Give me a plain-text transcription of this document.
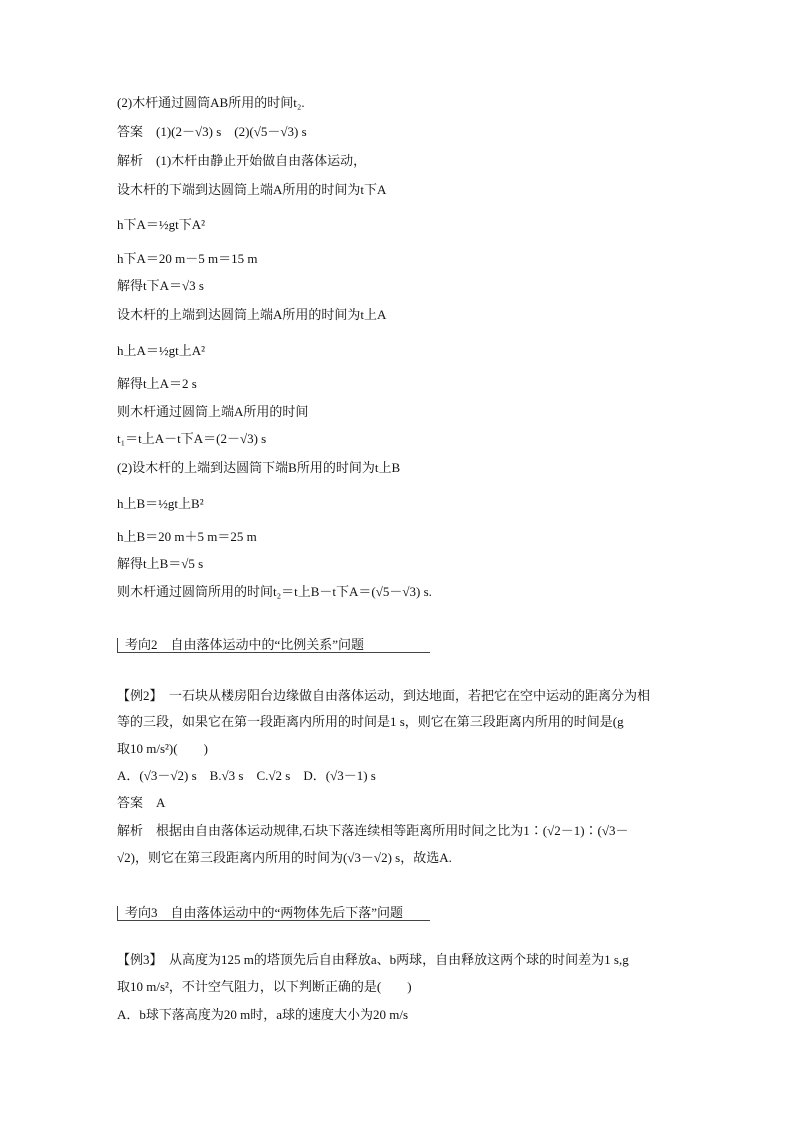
(2)木杆通过圆筒AB所用的时间t₂.
答案　(1)(2－√3) s　(2)(√5－√3) s
解析　(1)木杆由静止开始做自由落体运动，
设木杆的下端到达圆筒上端A所用的时间为t下A
h下A＝½gt下A²
h下A＝20 m－5 m＝15 m
解得t下A＝√3 s
设木杆的上端到达圆筒上端A所用的时间为t上A
h上A＝½gt上A²
解得t上A＝2 s
则木杆通过圆筒上端A所用的时间
t₁＝t上A－t下A＝(2－√3) s
(2)设木杆的上端到达圆筒下端B所用的时间为t上B
h上B＝½gt上B²
h上B＝20 m＋5 m＝25 m
解得t上B＝√5 s
则木杆通过圆筒所用的时间t₂＝t上B－t下A＝(√5－√3) s.
考向2　自由落体运动中的“比例关系”问题
【例2】　一石块从楼房阳台边缘做自由落体运动，到达地面，若把它在空中运动的距离分为相
等的三段，如果它在第一段距离内所用的时间是1 s，则它在第三段距离内所用的时间是(g
取10 m/s²)(　　)
A．(√3－√2) s　B.√3 s　C.√2 s　D．(√3－1) s
答案　A
解析　根据由自由落体运动规律,石块下落连续相等距离所用时间之比为1∶(√2－1)∶(√3－
√2)，则它在第三段距离内所用的时间为(√3－√2) s，故选A.
考向3　自由落体运动中的“两物体先后下落”问题
【例3】　从高度为125 m的塔顶先后自由释放a、b两球，自由释放这两个球的时间差为1 s,g
取10 m/s²，不计空气阻力，以下判断正确的是(　　)
A．b球下落高度为20 m时，a球的速度大小为20 m/s
